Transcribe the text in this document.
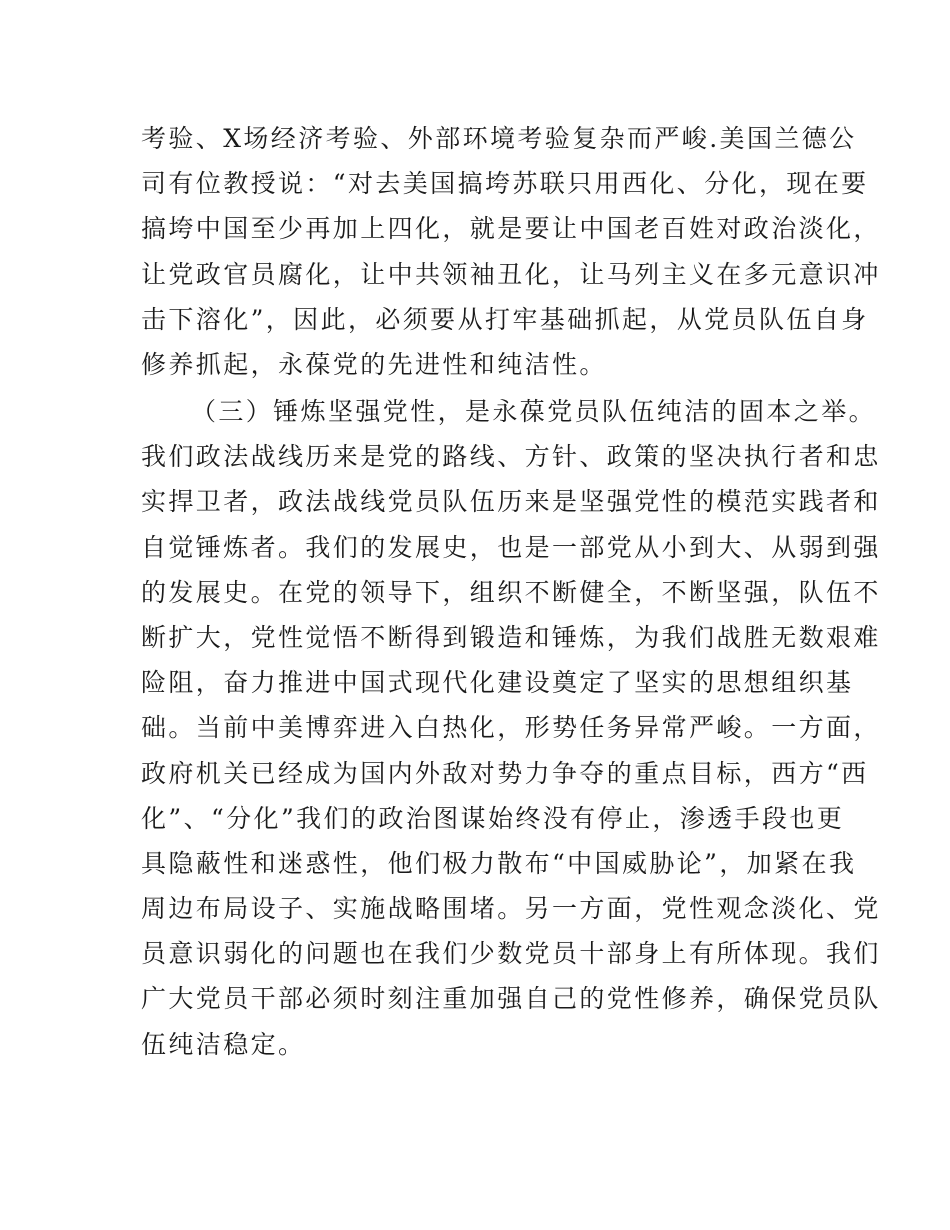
考验、X场经济考验、外部环境考验复杂而严峻.美国兰德公
司有位教授说：“对去美国搞垮苏联只用西化、分化，现在要
搞垮中国至少再加上四化，就是要让中国老百姓对政治淡化，
让党政官员腐化，让中共领袖丑化，让马列主义在多元意识冲
击下溶化”，因此，必须要从打牢基础抓起，从党员队伍自身
修养抓起，永葆党的先进性和纯洁性。
（三）锤炼坚强党性，是永葆党员队伍纯洁的固本之举。
我们政法战线历来是党的路线、方针、政策的坚决执行者和忠
实捍卫者，政法战线党员队伍历来是坚强党性的模范实践者和
自觉锤炼者。我们的发展史，也是一部党从小到大、从弱到强
的发展史。在党的领导下，组织不断健全，不断坚强，队伍不
断扩大，党性觉悟不断得到锻造和锤炼，为我们战胜无数艰难
险阻，奋力推进中国式现代化建设奠定了坚实的思想组织基
础。当前中美博弈进入白热化，形势任务异常严峻。一方面，
政府机关已经成为国内外敌对势力争夺的重点目标，西方“西
化”、“分化”我们的政治图谋始终没有停止，渗透手段也更
具隐蔽性和迷惑性，他们极力散布“中国威胁论”，加紧在我
周边布局设子、实施战略围堵。另一方面，党性观念淡化、党
员意识弱化的问题也在我们少数党员十部身上有所体现。我们
广大党员干部必须时刻注重加强自己的党性修养，确保党员队
伍纯洁稳定。
